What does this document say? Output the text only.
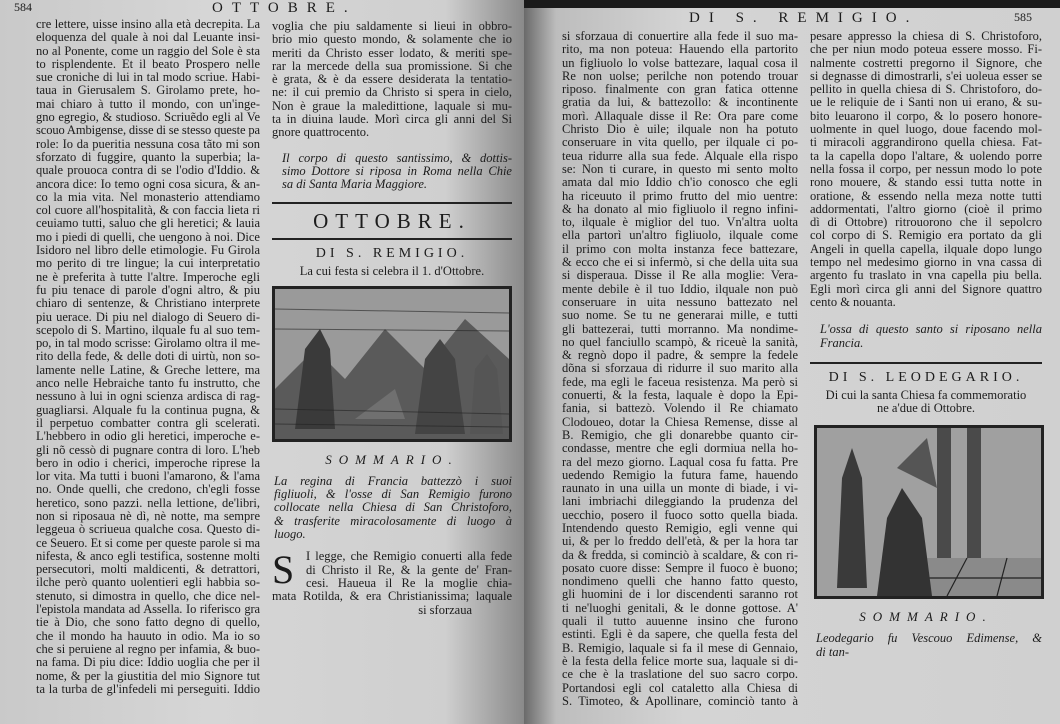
584	OTTOBRE.
cre lettere, uisse insino alla età decrepita. La
eloquenza del quale à noi dal Leuante insi-
no al Ponente, come un raggio del Sole è sta
to risplendente. Et il beato Prospero nelle
sue croniche di lui in tal modo scriue. Habi-
taua in Gierusalem S. Girolamo prete, ho-
mai chiaro à tutto il mondo, con un'inge-
gno egregio, & studioso. Scriuẽdo egli al Ve
scouo Ambigense, disse di se stesso queste pa
role: Io da pueritia nessuna cosa tãto mi son
sforzato di fuggire, quanto la superbia; la-
quale prouoca contra di se l'odio d'Iddio. &
ancora dice: Io temo ogni cosa sicura, & an-
co la mia vita. Nel monasterio attendiamo
col cuore all'hospitalità, & con faccia lieta ri
ceuiamo tutti, saluo che gli heretici; & lauia
mo i piedi di quelli, che uengono à noi. Dice
Isidoro nel libro delle etimologie. Fu Girola
mo perito di tre lingue; la cui interpretatio
ne è preferita à tutte l'altre. Imperoche egli
fu piu tenace di parole d'ogni altro, & piu
chiaro di sentenze, & Christiano interprete
piu uerace. Di piu nel dialogo di Seuero di-
scepolo di S. Martino, ilquale fu al suo tem-
po, in tal modo scrisse: Girolamo oltra il me-
rito della fede, & delle doti di uirtù, non so-
lamente nelle Latine, & Greche lettere, ma
anco nelle Hebraiche tanto fu instrutto, che
nessuno à lui in ogni scienza ardisca di rag-
guagliarsi. Alquale fu la continua pugna, &
il perpetuo combatter contra gli scelerati.
L'hebbero in odio gli heretici, imperoche e-
gli nõ cessò di pugnare contra di loro. L'heb
bero in odio i cherici, imperoche riprese la
lor vita. Ma tutti i buoni l'amarono, & l'ama
no. Onde quelli, che credono, ch'egli fosse
heretico, sono pazzi. nella lettione, de'libri,
non si riposaua nè dì, nè notte, ma sempre
leggeua ò scriueua qualche cosa. Questo di-
ce Seuero. Et si come per queste parole si ma
nifesta, & anco egli testifica, sostenne molti
persecutori, molti maldicenti, & detrattori,
ilche però quanto uolentieri egli habbia so-
stenuto, si dimostra in quello, che dice nel-
l'epistola mandata ad Assella. Io riferisco gra
tie à Dio, che sono fatto degno di quello,
che il mondo ha hauuto in odio. Ma io so
che si peruiene al regno per infamia, & buo-
na fama. Di piu dice: Iddio uoglia che per il
nome, & per la giustitia del mio Signore tut
ta la turba de gl'infedeli mi perseguiti. Iddio
voglia che piu saldamente si lieui in obbro-
brio mio questo mondo, & solamente che io
meriti da Christo esser lodato, & meriti spe-
rar la mercede della sua promissione. Si che
è grata, & è da essere desiderata la tentatio-
ne: il cui premio da Christo si spera in cielo,
Non è graue la maledittione, laquale si mu-
ta in diuina laude. Morì circa gli anni del Si
gnore quattrocento.
Il corpo di questo santissimo, & dottis-
simo Dottore si riposa in Roma nella Chie
sa di Santa Maria Maggiore.
OTTOBRE.
DI S. REMIGIO.
La cui festa si celebra il 1. d'Ottobre.
SOMMARIO.
La regina di Francia battezzò i suoi
figliuoli, & l'osse di San Remigio furono
collocate nella Chiesa di San Christoforo,
& trasferite miracolosamente di luogo à
luogo.
S I legge, che Remigio conuerti alla fede
di Christo il Re, & la gente de' Fran-
cesi. Haueua il Re la moglie chia-
mata Rotilda, & era Christianissima; laquale
si sforzaua
DI S. REMIGIO.	585
si sforzaua di conuertire alla fede il suo ma-
rito, ma non poteua: Hauendo ella partorito
un figliuolo lo volse battezare, laqual cosa il
Re non uolse; perilche non potendo trouar
riposo. finalmente con gran fatica ottenne
gratia da lui, & battezollo: & incontinente
morì. Allaquale disse il Re: Ora pare come
Christo Dio è uile; ilquale non ha potuto
conseruare in vita quello, per ilquale ci po-
teua ridurre alla sua fede. Alquale ella rispo
se: Non ti curare, in questo mi sento molto
amata dal mio Iddio ch'io conosco che egli
ha riceuuto il primo frutto del mio uentre:
& ha donato al mio figliuolo il regno infini-
to, ilquale è miglior del tuo. Vn'altra uolta
ella partorì un'altro figliuolo, ilquale come
il primo con molta instanza fece battezare,
& ecco che ei si infermò, si che della uita sua
si disperaua. Disse il Re alla moglie: Vera-
mente debile è il tuo Iddio, ilquale non può
conseruare in uita nessuno battezato nel
suo nome. Se tu ne generarai mille, e tutti
gli battezerai, tutti morranno. Ma nondime-
no quel fanciullo scampò, & riceuè la sanità,
& regnò dopo il padre, & sempre la fedele
dõna si sforzaua di ridurre il suo marito alla
fede, ma egli le faceua resistenza. Ma però si
conuerti, & la festa, laquale è dopo la Epi-
fania, si battezò. Volendo il Re chiamato
Clodoueo, dotar la Chiesa Remense, disse al
B. Remigio, che gli donarebbe quanto cir-
condasse, mentre che egli dormiua nella ho-
ra del mezo giorno. Laqual cosa fu fatta. Pre
uedendo Remigio la futura fame, hauendo
raunato in una uilla un monte di biade, i vi-
lani imbriachi dileggiando la prudenza del
uecchio, posero il fuoco sotto quella biada.
Intendendo questo Remigio, egli venne qui
ui, & per lo freddo dell'età, & per la hora tar
da & fredda, si cominciò à scaldare, & con ri-
posato cuore disse: Sempre il fuoco è buono;
nondimeno quelli che hanno fatto questo,
gli huomini de i lor discendenti saranno rot
ti ne'luoghi genitali, & le donne gottose. A'
quali il tutto auuenne insino che furono
estinti. Egli è da sapere, che quella festa del
B. Remigio, laquale si fa il mese di Gennaio,
è la festa della felice morte sua, laquale si di-
ce che è la traslatione del suo sacro corpo.
Portandosi egli col cataletto alla Chiesa di
S. Timoteo, & Apollinare, cominciò tanto à
pesare appresso la chiesa di S. Christoforo,
che per niun modo poteua essere mosso. Fi-
nalmente costretti pregorno il Signore, che
si degnasse di dimostrarli, s'ei uoleua esser se
pellito in quella chiesa di S. Christoforo, do-
ue le reliquie de i Santi non ui erano, & su-
bito leuarono il corpo, & lo posero honore-
uolmente in quel luogo, doue facendo mol-
ti miracoli aggrandirono quella chiesa. Fat-
ta la capella dopo l'altare, & uolendo porre
nella fossa il corpo, per nessun modo lo pote
rono mouere, & stando essi tutta notte in
oratione, & essendo nella meza notte tutti
addormentati, l'altro giorno (cioè il primo
dì di Ottobre) ritrouorono che il sepolcro
col corpo di S. Remigio era portato da gli
Angeli in quella capella, ilquale dopo lungo
tempo nel medesimo giorno in vna cassa di
argento fu traslato in vna capella piu bella.
Egli morì circa gli anni del Signore quattro
cento & nouanta.
L'ossa di questo santo si riposano nella
Francia.
DI S. LEODEGARIO.
Di cui la santa Chiesa fa commemoratio
ne a'due di Ottobre.
SOMMARIO.
Leodegario fu Vescouo Edimense, &
di tan-
